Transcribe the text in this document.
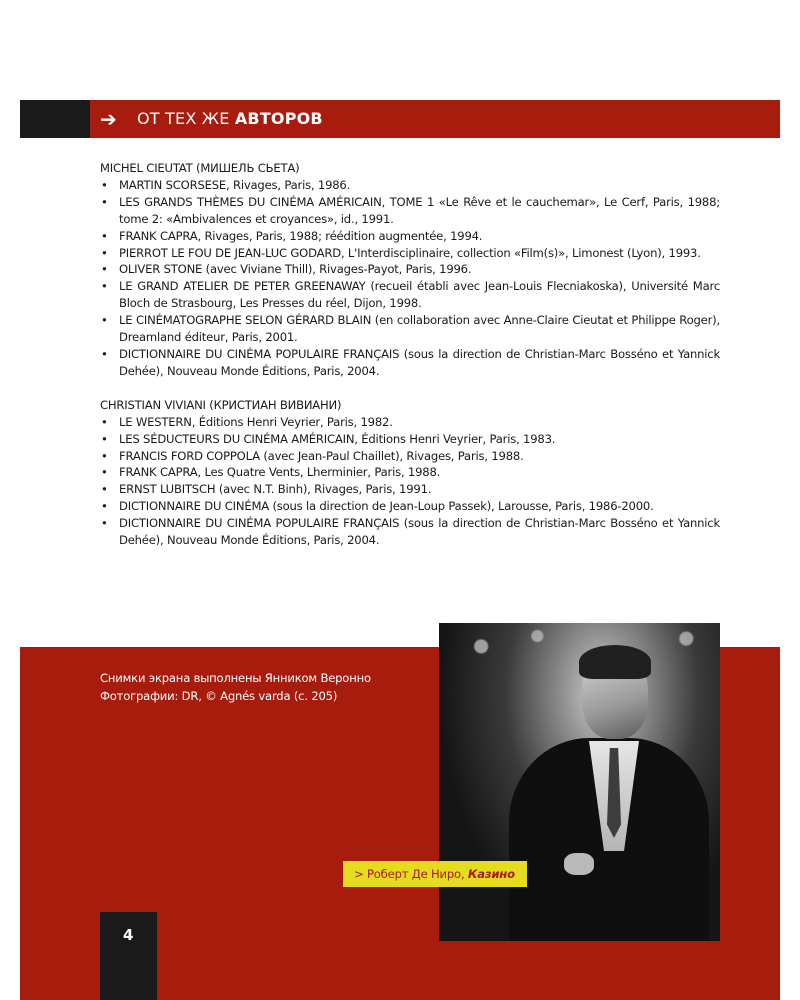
➔ ОТ ТЕХ ЖЕ АВТОРОВ

MICHEL CIEUTAT (МИШЕЛЬ СЬЕТА)

• MARTIN SCORSESE, Rivages, Paris, 1986.
• LES GRANDS THÈMES DU CINÉMA AMÉRICAIN, TOME 1 «Le Rêve et le cauchemar», Le Cerf, Paris, 1988; tome 2: «Ambivalences et croyances», id., 1991.
• FRANK CAPRA, Rivages, Paris, 1988; réédition augmentée, 1994.
• PIERROT LE FOU DE JEAN-LUC GODARD, L'Interdisciplinaire, collection «Film(s)», Limonest (Lyon), 1993.
• OLIVER STONE (avec Viviane Thill), Rivages-Payot, Paris, 1996.
• LE GRAND ATELIER DE PETER GREENAWAY (recueil établi avec Jean-Louis Flecniakoska), Université Marc Bloch de Strasbourg, Les Presses du réel, Dijon, 1998.
• LE CINÉMATOGRAPHE SELON GÉRARD BLAIN (en collaboration avec Anne-Claire Cieutat et Philippe Roger), Dreamland éditeur, Paris, 2001.
• DICTIONNAIRE DU CINÉMA POPULAIRE FRANÇAIS (sous la direction de Christian-Marc Bosséno et Yannick Dehée), Nouveau Monde Éditions, Paris, 2004.

CHRISTIAN VIVIANI (КРИСТИАН ВИВИАНИ)

• LE WESTERN, Éditions Henri Veyrier, Paris, 1982.
• LES SÉDUCTEURS DU CINÉMA AMÉRICAIN, Éditions Henri Veyrier, Paris, 1983.
• FRANCIS FORD COPPOLA (avec Jean-Paul Chaillet), Rivages, Paris, 1988.
• FRANK CAPRA, Les Quatre Vents, Lherminier, Paris, 1988.
• ERNST LUBITSCH (avec N.T. Binh), Rivages, Paris, 1991.
• DICTIONNAIRE DU CINÉMA (sous la direction de Jean-Loup Passek), Larousse, Paris, 1986-2000.
• DICTIONNAIRE DU CINÉMA POPULAIRE FRANÇAIS (sous la direction de Christian-Marc Bosséno et Yannick Dehée), Nouveau Monde Éditions, Paris, 2004.
Снимки экрана выполнены Янником Веронно
Фотографии: DR, © Agnés varda (с. 205)
> Роберт Де Ниро, Казино
4
